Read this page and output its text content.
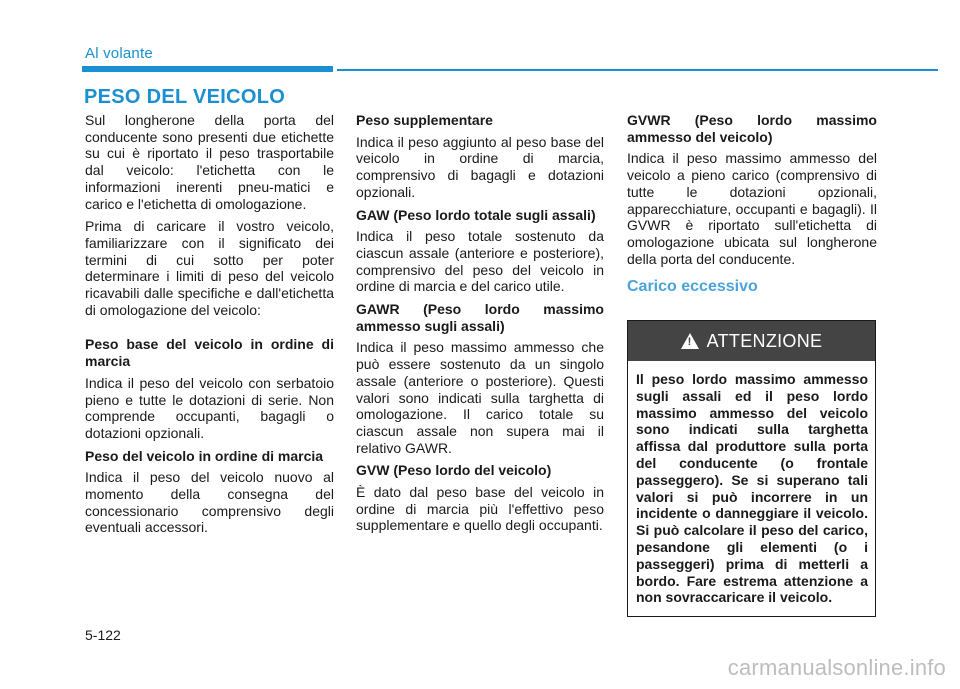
Al volante
PESO DEL VEICOLO

Sul longherone della porta del conducente sono presenti due etichette su cui è riportato il peso trasportabile dal veicolo: l'etichetta con le informazioni inerenti pneu-matici e carico e l'etichetta di omologazione.

Prima di caricare il vostro veicolo, familiarizzare con il significato dei termini di cui sotto per poter determinare i limiti di peso del veicolo ricavabili dalle specifiche e dall'etichetta di omologazione del veicolo:

Peso base del veicolo in ordine di marcia

Indica il peso del veicolo con serbatoio pieno e tutte le dotazioni di serie. Non comprende occupanti, bagagli o dotazioni opzionali.

Peso del veicolo in ordine di marcia

Indica il peso del veicolo nuovo al momento della consegna del concessionario comprensivo degli eventuali accessori.

Peso supplementare

Indica il peso aggiunto al peso base del veicolo in ordine di marcia, comprensivo di bagagli e dotazioni opzionali.

GAW (Peso lordo totale sugli assali)

Indica il peso totale sostenuto da ciascun assale (anteriore e posteriore), comprensivo del peso del veicolo in ordine di marcia e del carico utile.

GAWR (Peso lordo massimo ammesso sugli assali)

Indica il peso massimo ammesso che può essere sostenuto da un singolo assale (anteriore o posteriore). Questi valori sono indicati sulla targhetta di omologazione. Il carico totale su ciascun assale non supera mai il relativo GAWR.

GVW (Peso lordo del veicolo)

È dato dal peso base del veicolo in ordine di marcia più l'effettivo peso supplementare e quello degli occupanti.

GVWR (Peso lordo massimo ammesso del veicolo)

Indica il peso massimo ammesso del veicolo a pieno carico (comprensivo di tutte le dotazioni opzionali, apparecchiature, occupanti e bagagli). Il GVWR è riportato sull'etichetta di omologazione ubicata sul longherone della porta del conducente.

Carico eccessivo
! ATTENZIONE

Il peso lordo massimo ammesso sugli assali ed il peso lordo massimo ammesso del veicolo sono indicati sulla targhetta affissa dal produttore sulla porta del conducente (o frontale passeggero). Se si superano tali valori si può incorrere in un incidente o danneggiare il veicolo. Si può calcolare il peso del carico, pesandone gli elementi (o i passeggeri) prima di metterli a bordo. Fare estrema attenzione a non sovraccaricare il veicolo.

5-122
carmanualsonline.info
